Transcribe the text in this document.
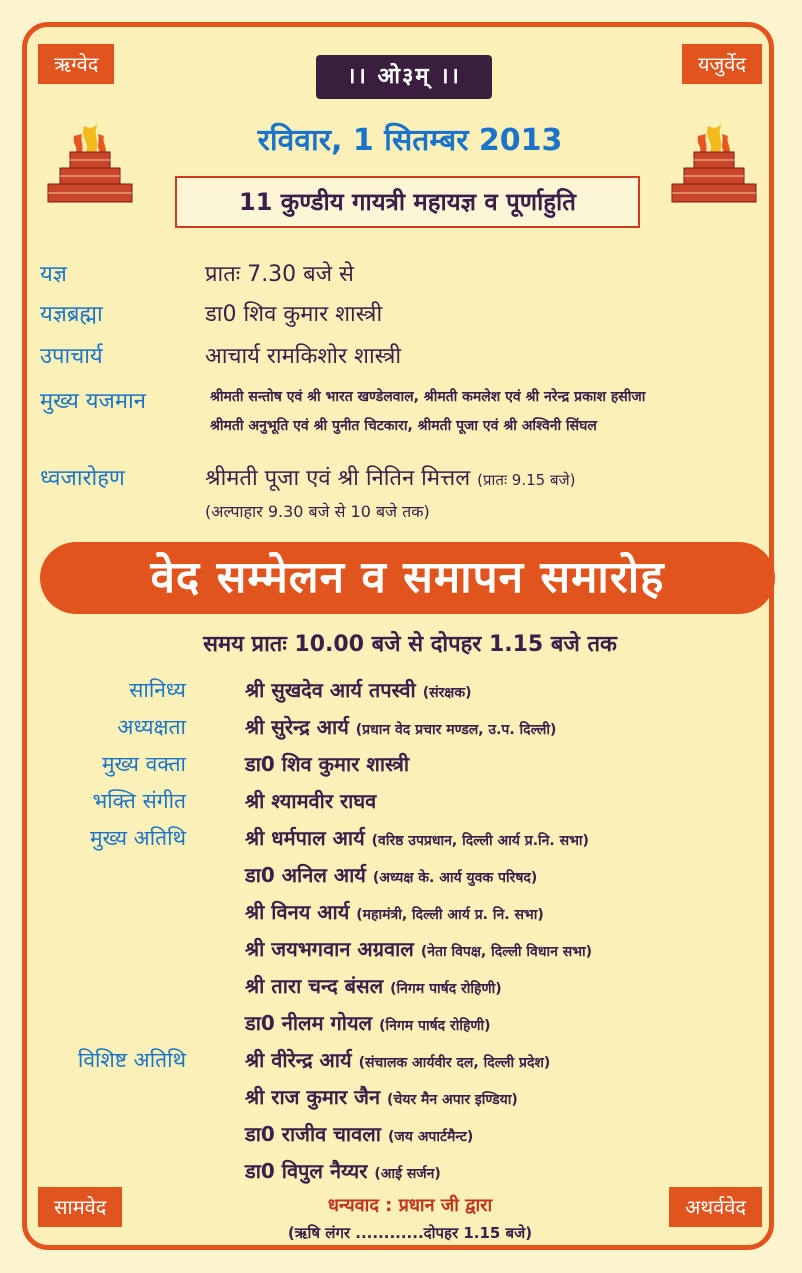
ऋग्वेद	यजुर्वेद
सामवेद	अथर्ववेद
।। ओ३म् ।।
रविवार, 1 सितम्बर 2013
11 कुण्डीय गायत्री महायज्ञ व पूर्णाहुति
यज्ञ	प्रातः 7.30 बजे से
यज्ञब्रह्मा	डा0 शिव कुमार शास्त्री
उपाचार्य	आचार्य रामकिशोर शास्त्री
मुख्य यजमान	श्रीमती सन्तोष एवं श्री भारत खण्डेलवाल, श्रीमती कमलेश एवं श्री नरेन्द्र प्रकाश हसीजा
श्रीमती अनुभूति एवं श्री पुनीत चिटकारा, श्रीमती पूजा एवं श्री अश्विनी सिंघल
ध्वजारोहण	श्रीमती पूजा एवं श्री नितिन मित्तल (प्रातः 9.15 बजे)
(अल्पाहार 9.30 बजे से 10 बजे तक)
वेद सम्मेलन व समापन समारोह
समय प्रातः 10.00 बजे से दोपहर 1.15 बजे तक
सानिध्य	श्री सुखदेव आर्य तपस्वी (संरक्षक)
अध्यक्षता	श्री सुरेन्द्र आर्य (प्रधान वेद प्रचार मण्डल, उ.प. दिल्ली)
मुख्य वक्ता	डा0 शिव कुमार शास्त्री
भक्ति संगीत	श्री श्यामवीर राघव
मुख्य अतिथि	श्री धर्मपाल आर्य (वरिष्ठ उपप्रधान, दिल्ली आर्य प्र.नि. सभा)
डा0 अनिल आर्य (अध्यक्ष के. आर्य युवक परिषद)
श्री विनय आर्य (महामंत्री, दिल्ली आर्य प्र. नि. सभा)
श्री जयभगवान अग्रवाल (नेता विपक्ष, दिल्ली विधान सभा)
श्री तारा चन्द बंसल (निगम पार्षद रोहिणी)
डा0 नीलम गोयल (निगम पार्षद रोहिणी)
विशिष्ट अतिथि	श्री वीरेन्द्र आर्य (संचालक आर्यवीर दल, दिल्ली प्रदेश)
श्री राज कुमार जैन (चेयर मैन अपार इण्डिया)
डा0 राजीव चावला (जय अपार्टमैन्ट)
डा0 विपुल नैय्यर (आई सर्जन)
धन्यवाद : प्रधान जी द्वारा
(ऋषि लंगर ............दोपहर 1.15 बजे)
